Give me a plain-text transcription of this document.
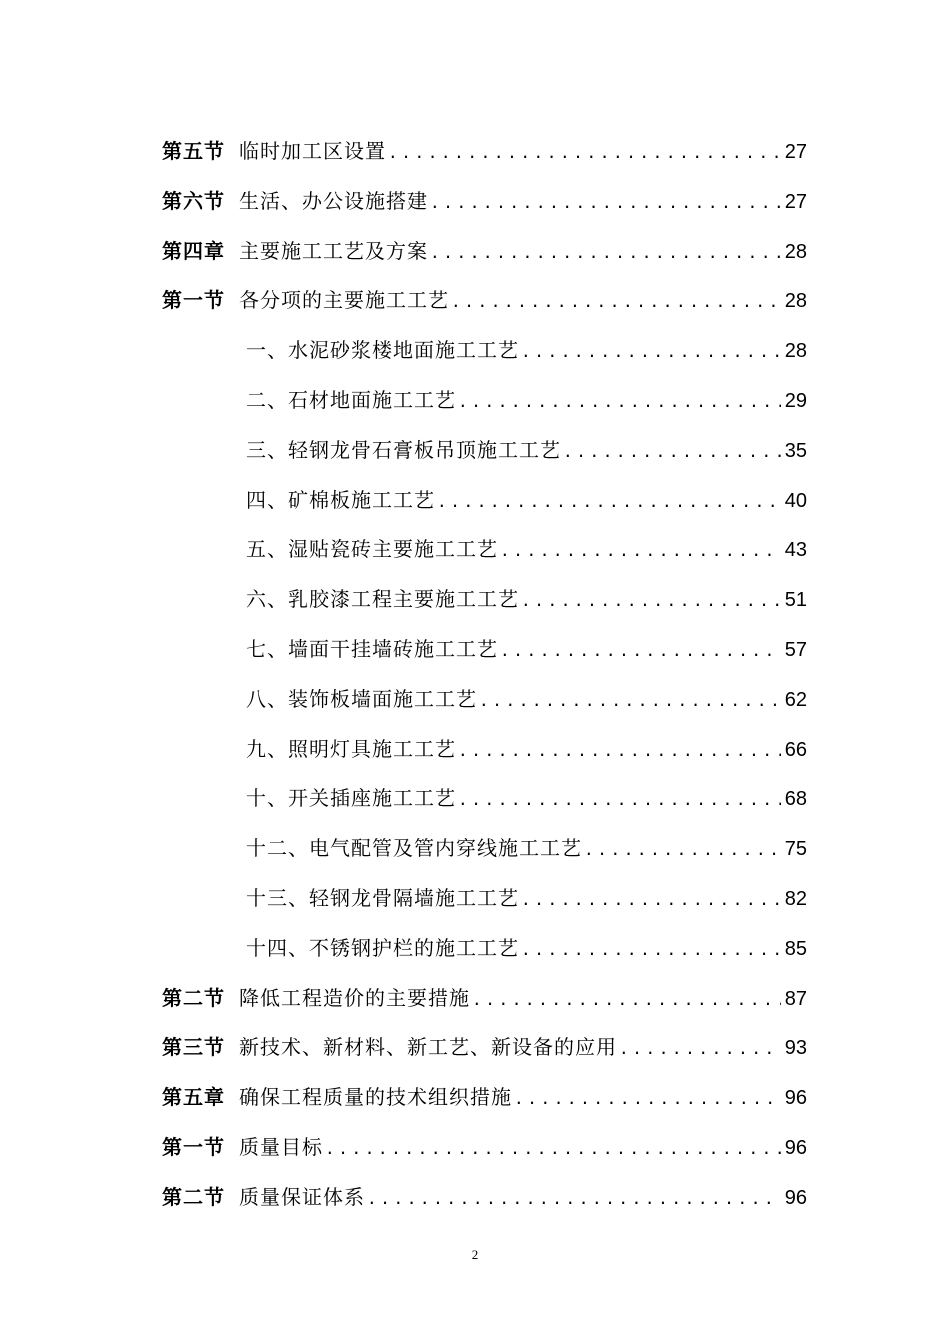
第五节 临时加工区设置 .....	27
第六节 生活、办公设施搭建 .....	27
第四章 主要施工工艺及方案 .....	28
第一节 各分项的主要施工工艺 .....	28
一、水泥砂浆楼地面施工工艺 .....	28
二、石材地面施工工艺 .....	29
三、轻钢龙骨石膏板吊顶施工工艺 .....	35
四、矿棉板施工工艺 .....	40
五、湿贴瓷砖主要施工工艺 .....	43
六、乳胶漆工程主要施工工艺 .....	51
七、墙面干挂墙砖施工工艺 .....	57
八、装饰板墙面施工工艺 .....	62
九、照明灯具施工工艺 .....	66
十、开关插座施工工艺 .....	68
十二、电气配管及管内穿线施工工艺 .....	75
十三、轻钢龙骨隔墙施工工艺 .....	82
十四、不锈钢护栏的施工工艺 .....	85
第二节 降低工程造价的主要措施 .....	87
第三节 新技术、新材料、新工艺、新设备的应用 .....	93
第五章 确保工程质量的技术组织措施 .....	96
第一节 质量目标 .....	96
第二节 质量保证体系 .....	96
2
